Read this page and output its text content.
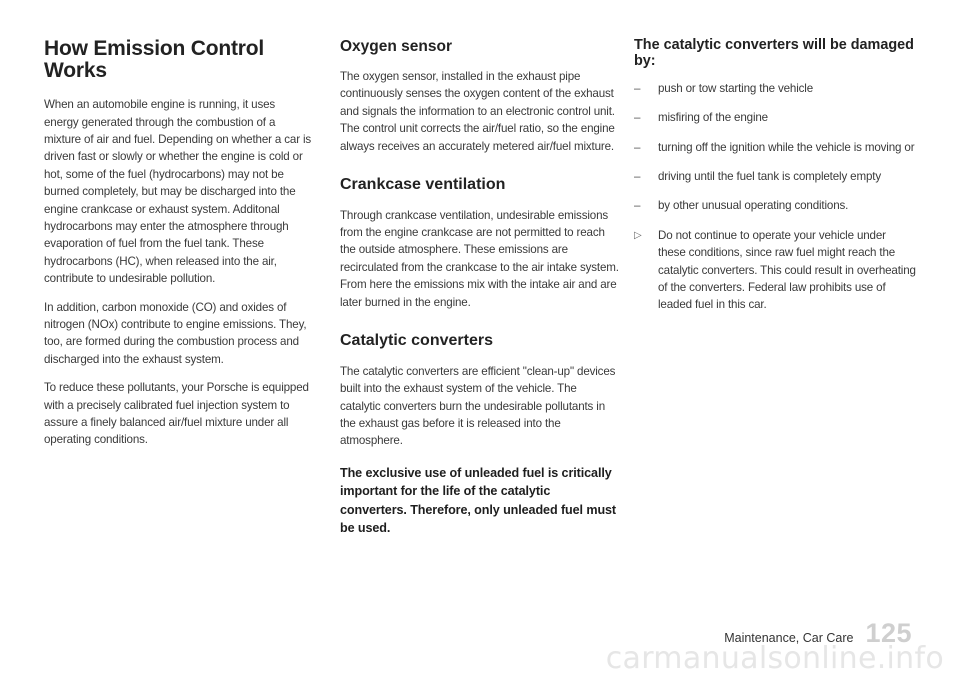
How Emission Control Works

When an automobile engine is running, it uses energy generated through the combustion of a mixture of air and fuel. Depending on whether a car is driven fast or slowly or whether the engine is cold or hot, some of the fuel (hydrocarbons) may not be burned completely, but may be discharged into the engine crankcase or exhaust system. Additonal hydrocarbons may enter the atmosphere through evaporation of fuel from the fuel tank. These hydrocarbons (HC), when released into the air, contribute to undesirable pollution.

In addition, carbon monoxide (CO) and oxides of nitrogen (NOx) contribute to engine emissions. They, too, are formed during the combustion process and discharged into the exhaust system.

To reduce these pollutants, your Porsche is equipped with a precisely calibrated fuel injection system to assure a finely balanced air/fuel mixture under all operating conditions.

Oxygen sensor

The oxygen sensor, installed in the exhaust pipe continuously senses the oxygen content of the exhaust and signals the information to an electronic control unit. The control unit corrects the air/fuel ratio, so the engine always receives an accurately metered air/fuel mixture.

Crankcase ventilation

Through crankcase ventilation, undesirable emissions from the engine crankcase are not permitted to reach the outside atmosphere. These emissions are recirculated from the crankcase to the air intake system. From here the emissions mix with the intake air and are later burned in the engine.

Catalytic converters

The catalytic converters are efficient "clean-up" devices built into the exhaust system of the vehicle. The catalytic converters burn the undesirable pollutants in the exhaust gas before it is released into the atmosphere.

The exclusive use of unleaded fuel is critically important for the life of the catalytic converters. Therefore, only unleaded fuel must be used.

The catalytic converters will be damaged by:
–	push or tow starting the vehicle
–	misfiring of the engine
–	turning off the ignition while the vehicle is moving or
–	driving until the fuel tank is completely empty
–	by other unusual operating conditions.
▷ Do not continue to operate your vehicle under these conditions, since raw fuel might reach the catalytic converters. This could result in overheating of the converters. Federal law prohibits use of leaded fuel in this car.
Maintenance, Car Care 125
carmanualsonline.info
